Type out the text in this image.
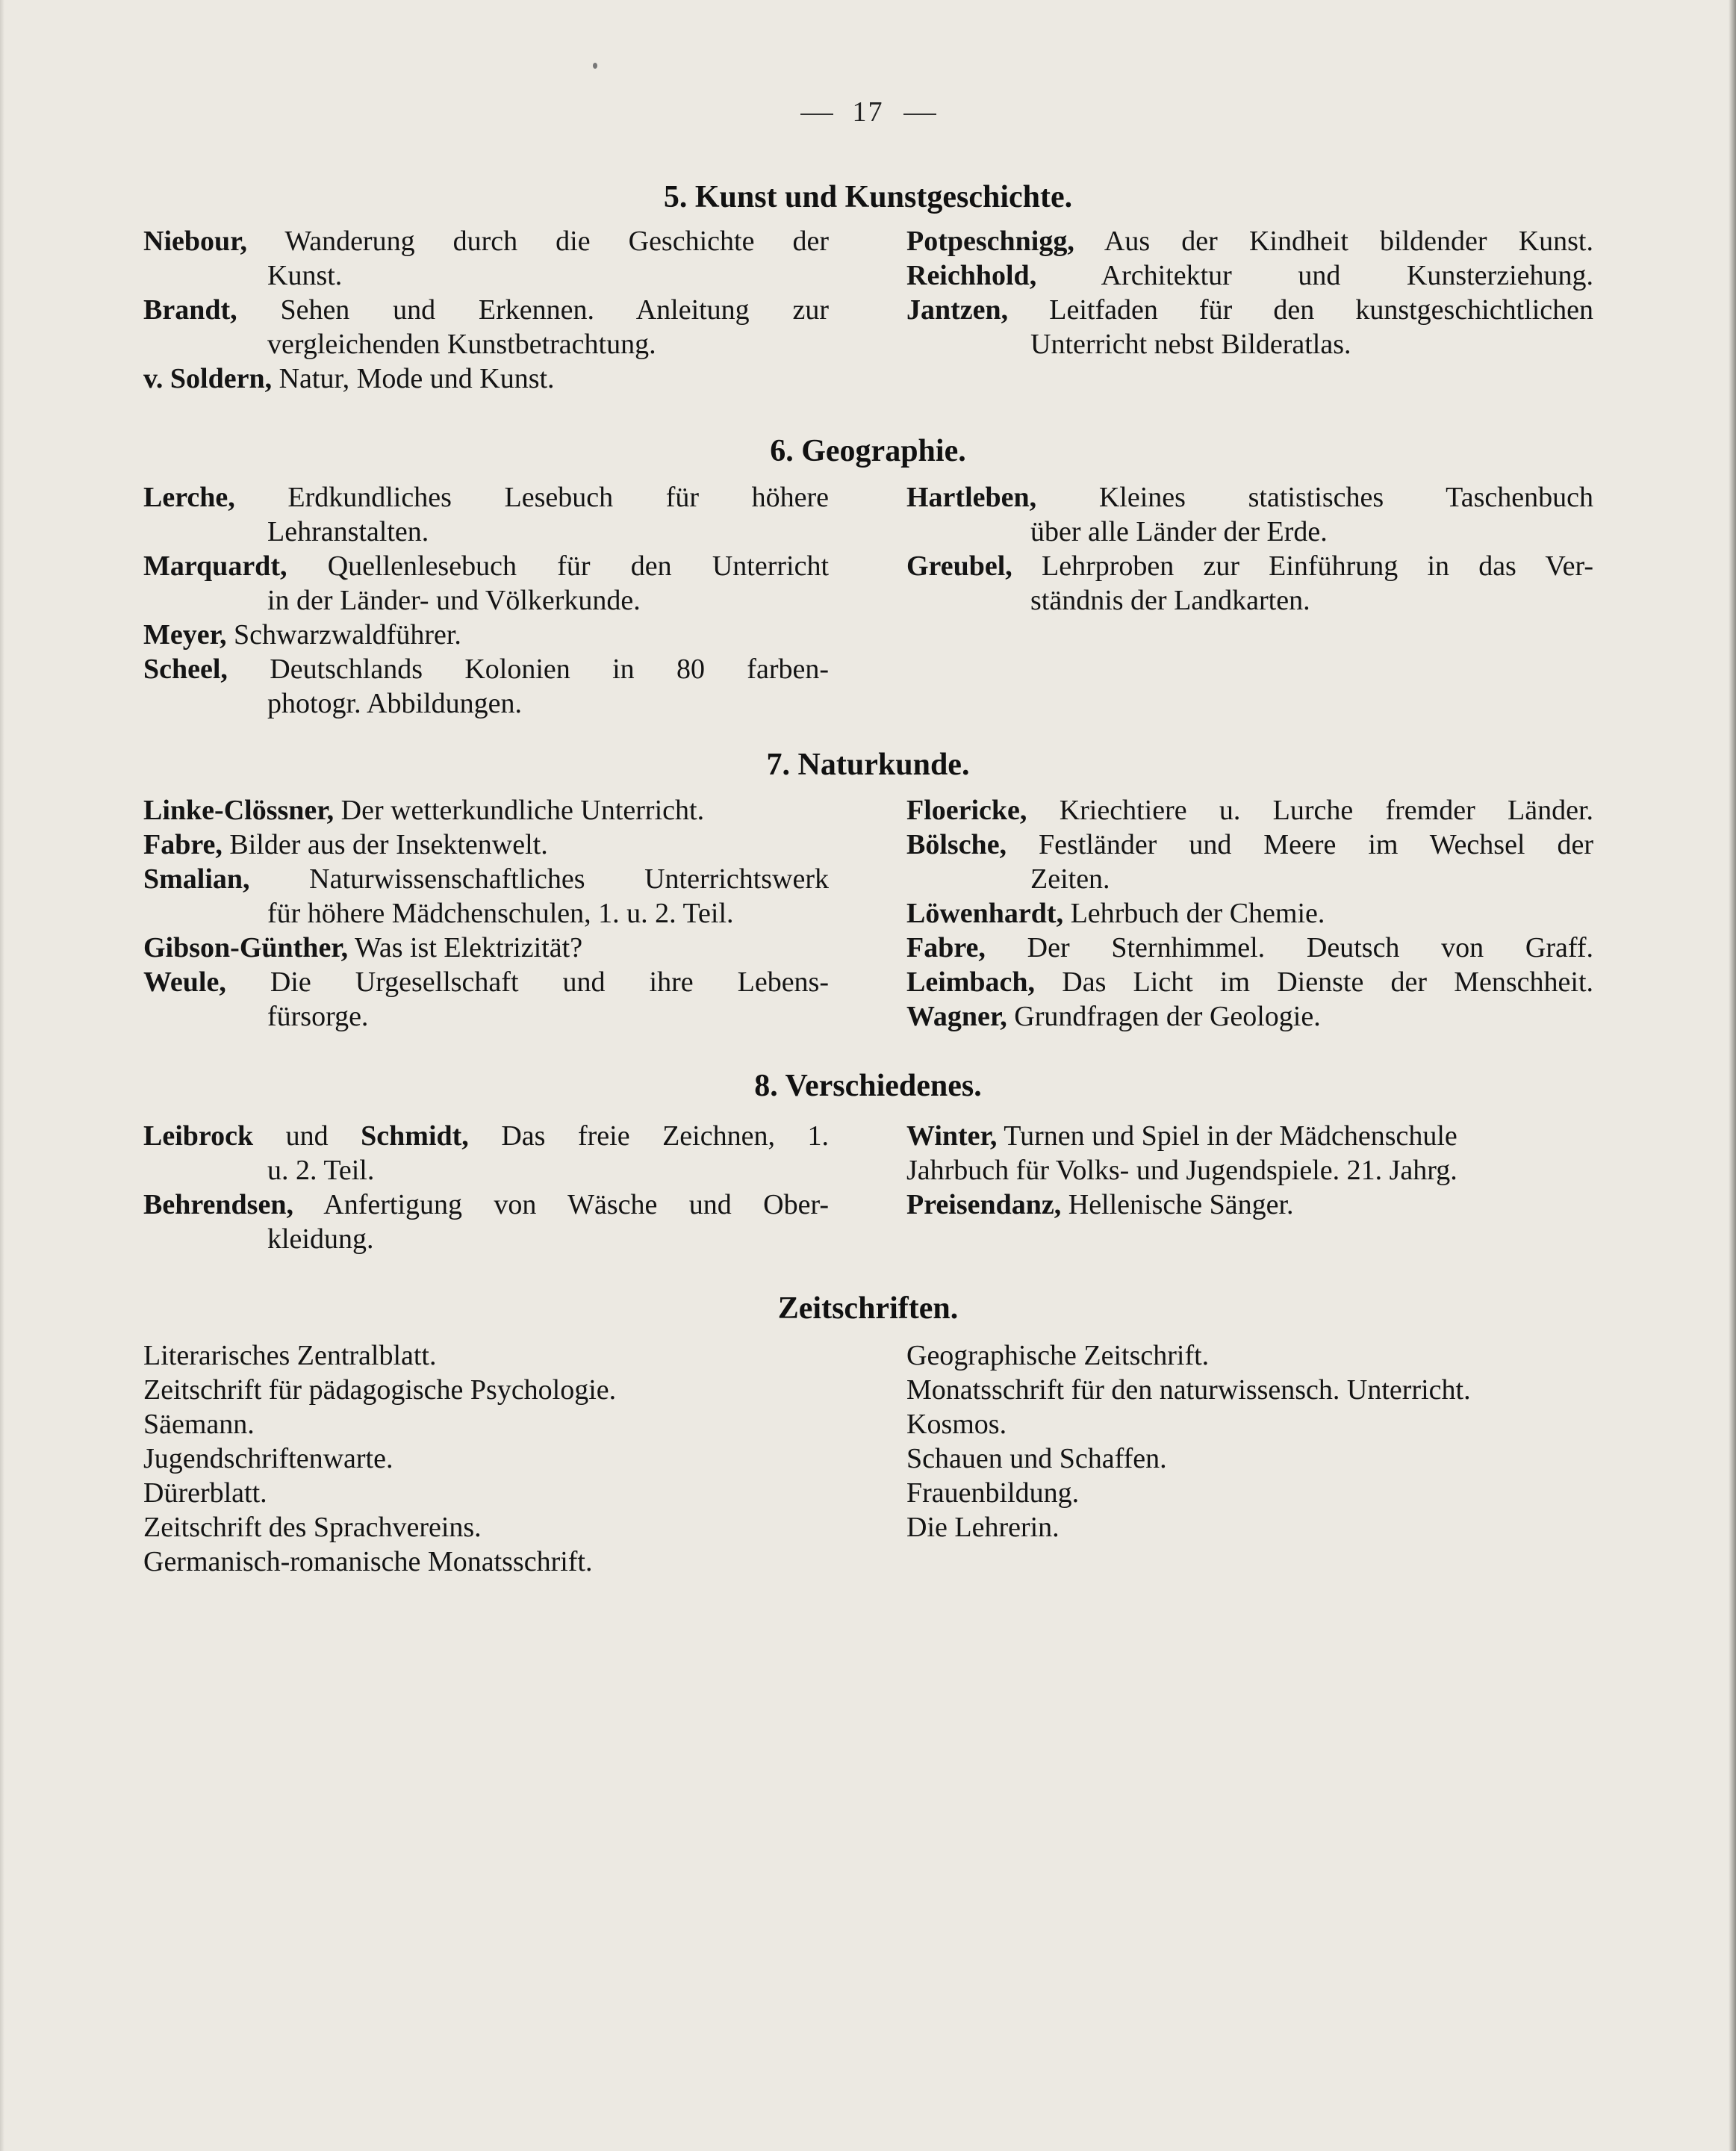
17
5. Kunst und Kunstgeschichte.
Niebour, Wanderung durch die Geschichte der
Kunst.
Brandt, Sehen und Erkennen. Anleitung zur
vergleichenden Kunstbetrachtung.
v. Soldern, Natur, Mode und Kunst.
Potpeschnigg, Aus der Kindheit bildender Kunst.
Reichhold, Architektur und Kunsterziehung.
Jantzen, Leitfaden für den kunstgeschichtlichen
Unterricht nebst Bilderatlas.
6. Geographie.
Lerche, Erdkundliches Lesebuch für höhere
Lehranstalten.
Marquardt, Quellenlesebuch für den Unterricht
in der Länder- und Völkerkunde.
Meyer, Schwarzwaldführer.
Scheel, Deutschlands Kolonien in 80 farben-
photogr. Abbildungen.
Hartleben, Kleines statistisches Taschenbuch
über alle Länder der Erde.
Greubel, Lehrproben zur Einführung in das Ver-
ständnis der Landkarten.
7. Naturkunde.
Linke-Clössner, Der wetterkundliche Unterricht.
Fabre, Bilder aus der Insektenwelt.
Smalian, Naturwissenschaftliches Unterrichtswerk
für höhere Mädchenschulen, 1. u. 2. Teil.
Gibson-Günther, Was ist Elektrizität?
Weule, Die Urgesellschaft und ihre Lebens-
fürsorge.
Floericke, Kriechtiere u. Lurche fremder Länder.
Bölsche, Festländer und Meere im Wechsel der
Zeiten.
Löwenhardt, Lehrbuch der Chemie.
Fabre, Der Sternhimmel. Deutsch von Graff.
Leimbach, Das Licht im Dienste der Menschheit.
Wagner, Grundfragen der Geologie.
8. Verschiedenes.
Leibrock und Schmidt, Das freie Zeichnen, 1.
u. 2. Teil.
Behrendsen, Anfertigung von Wäsche und Ober-
kleidung.
Winter, Turnen und Spiel in der Mädchenschule
Jahrbuch für Volks- und Jugendspiele. 21. Jahrg.
Preisendanz, Hellenische Sänger.
Zeitschriften.
Literarisches Zentralblatt.
Zeitschrift für pädagogische Psychologie.
Säemann.
Jugendschriftenwarte.
Dürerblatt.
Zeitschrift des Sprachvereins.
Germanisch-romanische Monatsschrift.
Geographische Zeitschrift.
Monatsschrift für den naturwissensch. Unterricht.
Kosmos.
Schauen und Schaffen.
Frauenbildung.
Die Lehrerin.
